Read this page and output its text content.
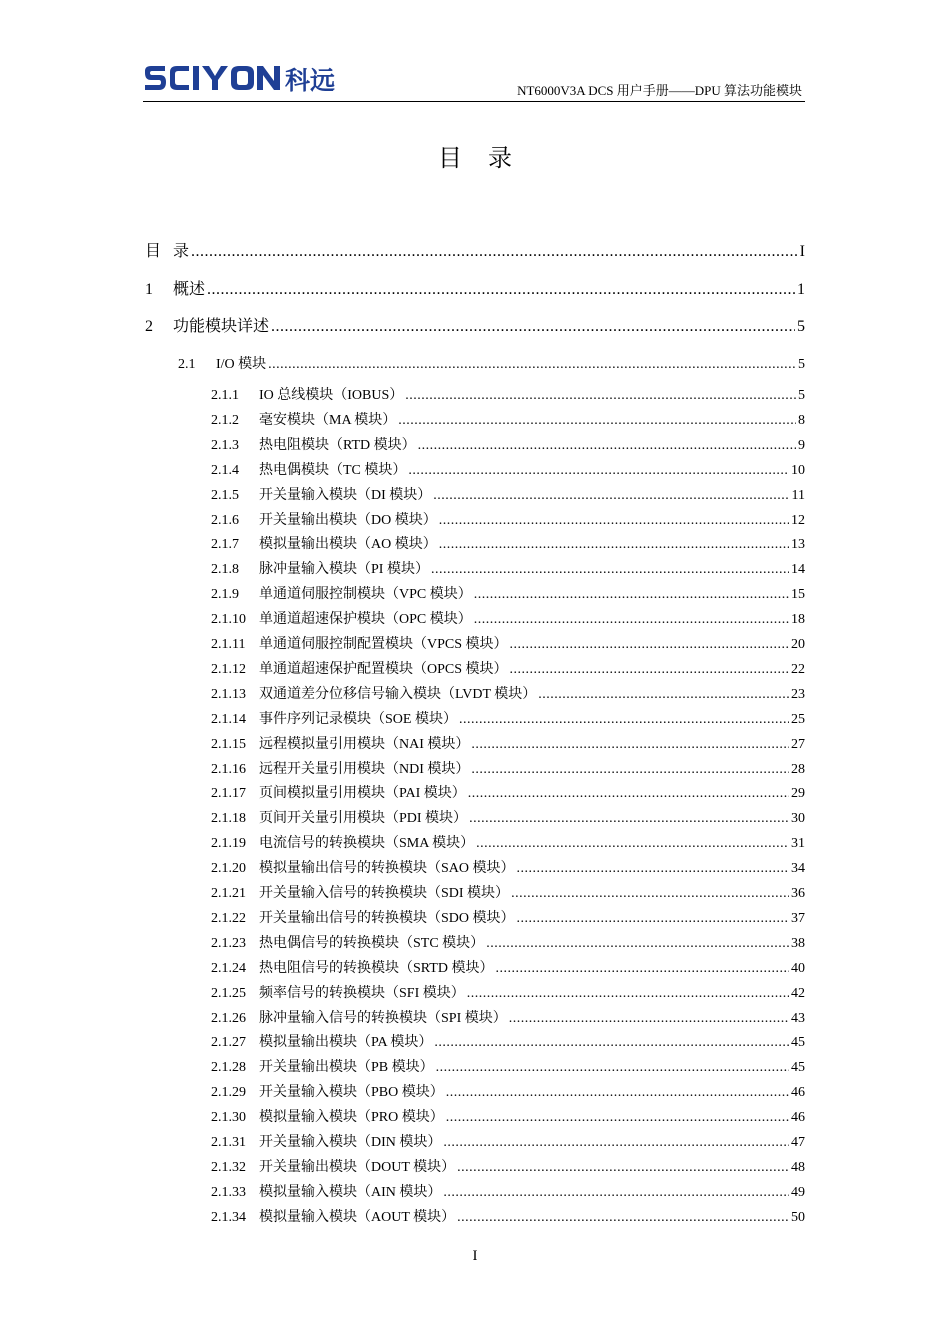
科远	NT6000V3A DCS 用户手册——DPU 算法功能模块
目录
目 录 .....	I
1	概述 .....	1
2	功能模块详述 .....	5
2.1	I/O 模块 .....	5
2.1.1	IO 总线模块（IOBUS） .....	5
2.1.2	毫安模块（MA 模块） .....	8
2.1.3	热电阻模块（RTD 模块） .....	9
2.1.4	热电偶模块（TC 模块） .....	10
2.1.5	开关量输入模块（DI 模块） .....	11
2.1.6	开关量输出模块（DO 模块） .....	12
2.1.7	模拟量输出模块（AO 模块） .....	13
2.1.8	脉冲量输入模块（PI 模块） .....	14
2.1.9	单通道伺服控制模块（VPC 模块） .....	15
2.1.10 单通道超速保护模块（OPC 模块） .....	18
2.1.11 单通道伺服控制配置模块（VPCS 模块） .....	20
2.1.12 单通道超速保护配置模块（OPCS 模块） .....	22
2.1.13 双通道差分位移信号输入模块（LVDT 模块） .....	23
2.1.14 事件序列记录模块（SOE 模块） .....	25
2.1.15 远程模拟量引用模块（NAI 模块） .....	27
2.1.16 远程开关量引用模块（NDI 模块） .....	28
2.1.17 页间模拟量引用模块（PAI 模块） .....	29
2.1.18 页间开关量引用模块（PDI 模块） .....	30
2.1.19 电流信号的转换模块（SMA 模块） .....	31
2.1.20 模拟量输出信号的转换模块（SAO 模块） .....	34
2.1.21 开关量输入信号的转换模块（SDI 模块） .....	36
2.1.22 开关量输出信号的转换模块（SDO 模块） .....	37
2.1.23 热电偶信号的转换模块（STC 模块） .....	38
2.1.24 热电阻信号的转换模块（SRTD 模块） .....	40
2.1.25 频率信号的转换模块（SFI 模块） .....	42
2.1.26 脉冲量输入信号的转换模块（SPI 模块） .....	43
2.1.27 模拟量输出模块（PA 模块） .....	45
2.1.28 开关量输出模块（PB 模块） .....	45
2.1.29 开关量输入模块（PBO 模块） .....	46
2.1.30 模拟量输入模块（PRO 模块） .....	46
2.1.31 开关量输入模块（DIN 模块） .....	47
2.1.32 开关量输出模块（DOUT 模块） .....	48
2.1.33 模拟量输入模块（AIN 模块） .....	49
2.1.34 模拟量输入模块（AOUT 模块） .....	50
I
